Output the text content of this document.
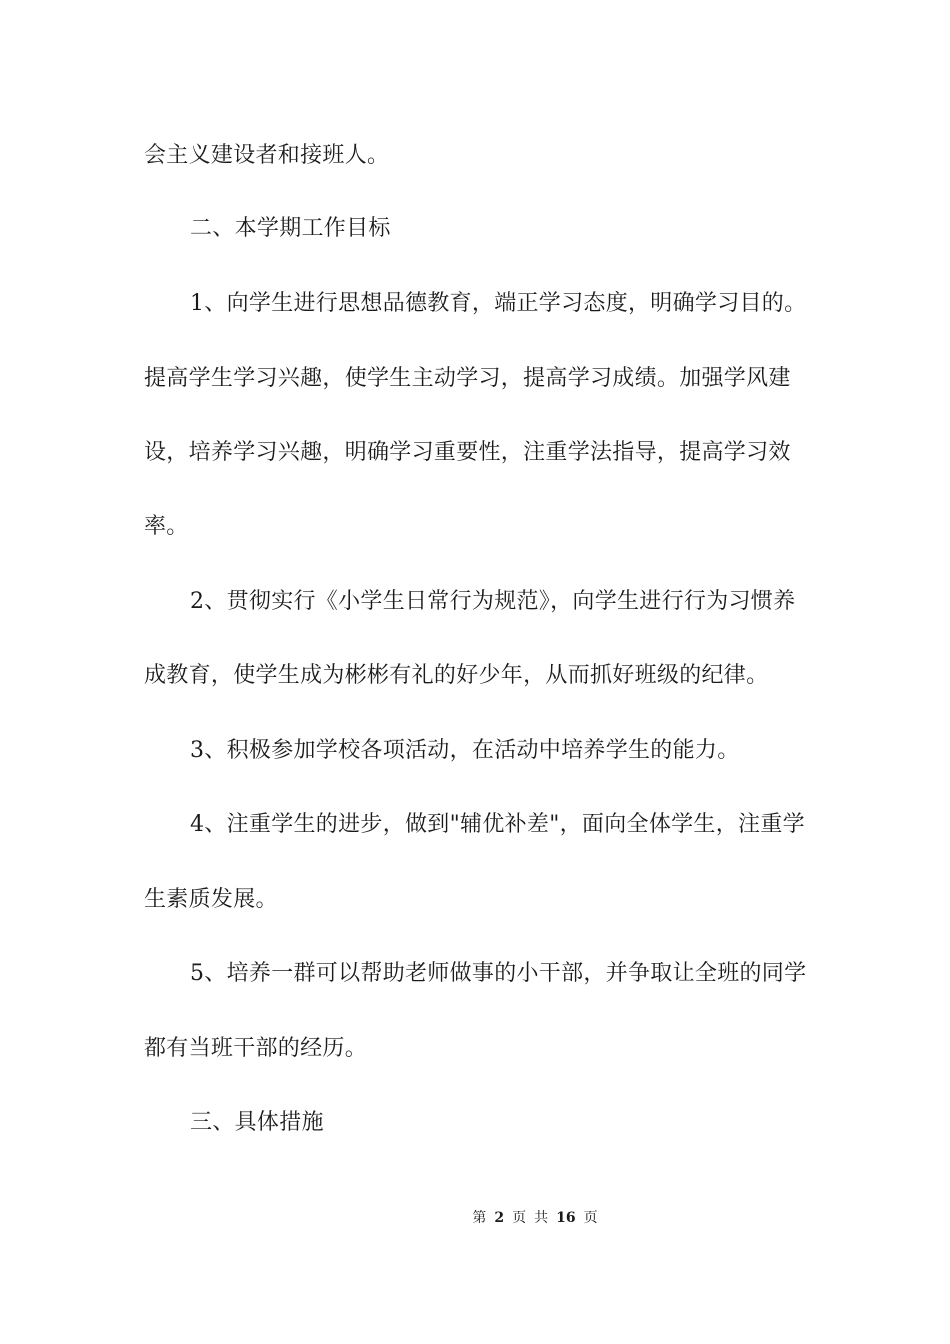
会主义建设者和接班人。
二、本学期工作目标
1、向学生进行思想品德教育，端正学习态度，明确学习目的。
提高学生学习兴趣，使学生主动学习，提高学习成绩。加强学风建
设，培养学习兴趣，明确学习重要性，注重学法指导，提高学习效
率。
2、贯彻实行《小学生日常行为规范》，向学生进行行为习惯养
成教育，使学生成为彬彬有礼的好少年，从而抓好班级的纪律。
3、积极参加学校各项活动，在活动中培养学生的能力。
4、注重学生的进步，做到"辅优补差"，面向全体学生，注重学
生素质发展。
5、培养一群可以帮助老师做事的小干部，并争取让全班的同学
都有当班干部的经历。
三、具体措施
第 2 页 共 16 页
